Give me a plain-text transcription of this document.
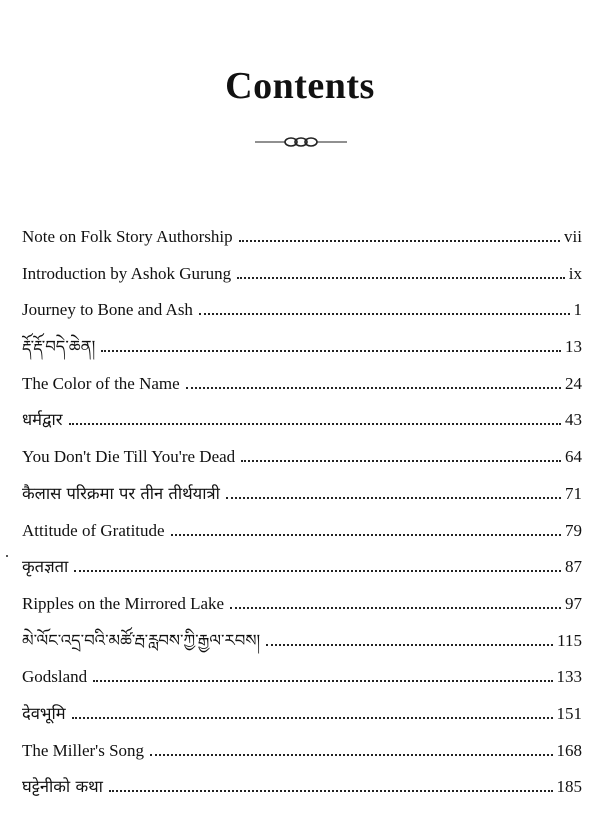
Contents
Note on Folk Story Authorship	vii
Introduction by Ashok Gurung	ix
Journey to Bone and Ash	1
རྡོ་རྡོ་བདེ་ཆེན།	13
The Color of the Name	24
धर्मद्वार	43
You Don't Die Till You're Dead	64
कैलास परिक्रमा पर तीन तीर्थयात्री	71
Attitude of Gratitude	79
कृतज्ञता	87
Ripples on the Mirrored Lake	97
མེ་ལོང་འདྲ་བའི་མཚོ་རྦ་རླབས་ཀྱི་རྒྱལ་རབས།	115
Godsland	133
देवभूमि	151
The Miller's Song	168
घट्टेनीको कथा	185
